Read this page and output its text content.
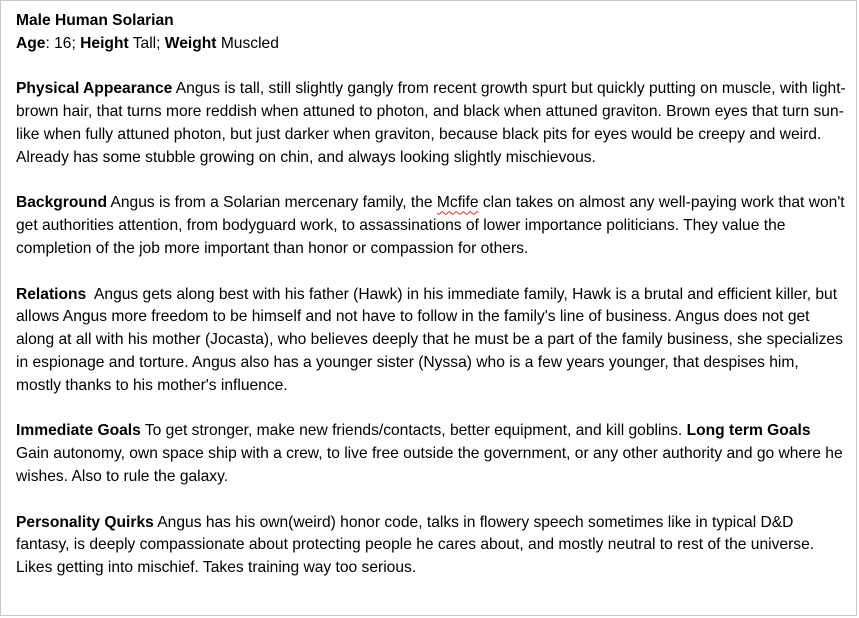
Male Human Solarian
Age: 16; Height Tall; Weight Muscled
Physical Appearance Angus is tall, still slightly gangly from recent growth spurt but quickly putting on muscle, with light-brown hair, that turns more reddish when attuned to photon, and black when attuned graviton. Brown eyes that turn sun-like when fully attuned photon, but just darker when graviton, because black pits for eyes would be creepy and weird. Already has some stubble growing on chin, and always looking slightly mischievous.
Background Angus is from a Solarian mercenary family, the Mcfife clan takes on almost any well-paying work that won't get authorities attention, from bodyguard work, to assassinations of lower importance politicians. They value the completion of the job more important than honor or compassion for others.
Relations  Angus gets along best with his father (Hawk) in his immediate family, Hawk is a brutal and efficient killer, but allows Angus more freedom to be himself and not have to follow in the family's line of business. Angus does not get along at all with his mother (Jocasta), who believes deeply that he must be a part of the family business, she specializes in espionage and torture. Angus also has a younger sister (Nyssa) who is a few years younger, that despises him, mostly thanks to his mother's influence.
Immediate Goals To get stronger, make new friends/contacts, better equipment, and kill goblins. Long term Goals Gain autonomy, own space ship with a crew, to live free outside the government, or any other authority and go where he wishes. Also to rule the galaxy.
Personality Quirks Angus has his own(weird) honor code, talks in flowery speech sometimes like in typical D&D fantasy, is deeply compassionate about protecting people he cares about, and mostly neutral to rest of the universe. Likes getting into mischief. Takes training way too serious.
